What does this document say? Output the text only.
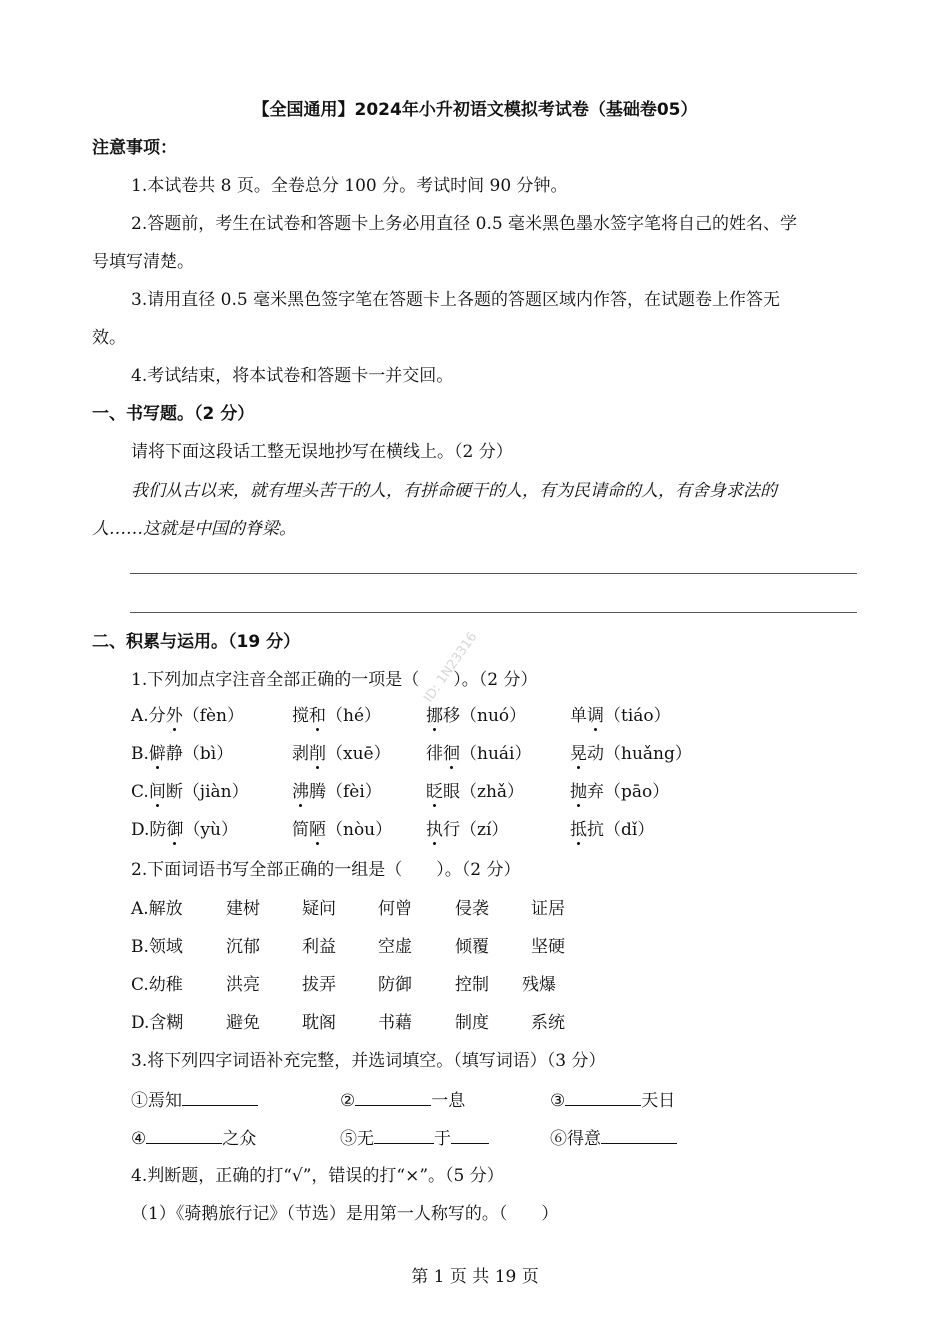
【全国通用】2024年小升初语文模拟考试卷（基础卷05）
注意事项：
1.本试卷共 8 页。全卷总分 100 分。考试时间 90 分钟。
2.答题前，考生在试卷和答题卡上务必用直径 0.5 毫米黑色墨水签字笔将自己的姓名、学
号填写清楚。
3.请用直径 0.5 毫米黑色签字笔在答题卡上各题的答题区域内作答，在试题卷上作答无
效。
4.考试结束，将本试卷和答题卡一并交回。
一、书写题。（2 分）
请将下面这段话工整无误地抄写在横线上。（2 分）
我们从古以来，就有埋头苦干的人，有拼命硬干的人，有为民请命的人，有舍身求法的
人……这就是中国的脊梁。
ID: 1N23316
二、积累与运用。（19 分）
1.下列加点字注音全部正确的一项是（　　）。（2 分）
A.分外（fèn）	搅和（hé）	挪移（nuó）	单调（tiáo）
B.僻静（bì）	剥削（xuē） 徘徊（huái） 晃动（huǎng）
C.间断（jiàn）	沸腾（fèi）	眨眼（zhǎ）	抛弃（pāo）
D.防御（yù）	简陋（nòu） 执行（zí）	抵抗（dǐ）
2.下面词语书写全部正确的一组是（　　）。（2 分）
A.解放	建树 疑问 何曾	侵袭 证居
B.领域	沉郁 利益 空虚	倾覆 坚硬
C.幼稚	洪亮 拔弄 防御	控制 残爆
D.含糊	避免 耽阁 书藉	制度 系统
3.将下列四字词语补充完整，并选词填空。（填写词语）（3 分）
①焉知	②	一息	③	天日
④	之众	⑤无	于	⑥得意
4.判断题，正确的打“√”，错误的打“×”。（5 分）
（1）《骑鹅旅行记》（节选）是用第一人称写的。（　　）
第 1 页 共 19 页
